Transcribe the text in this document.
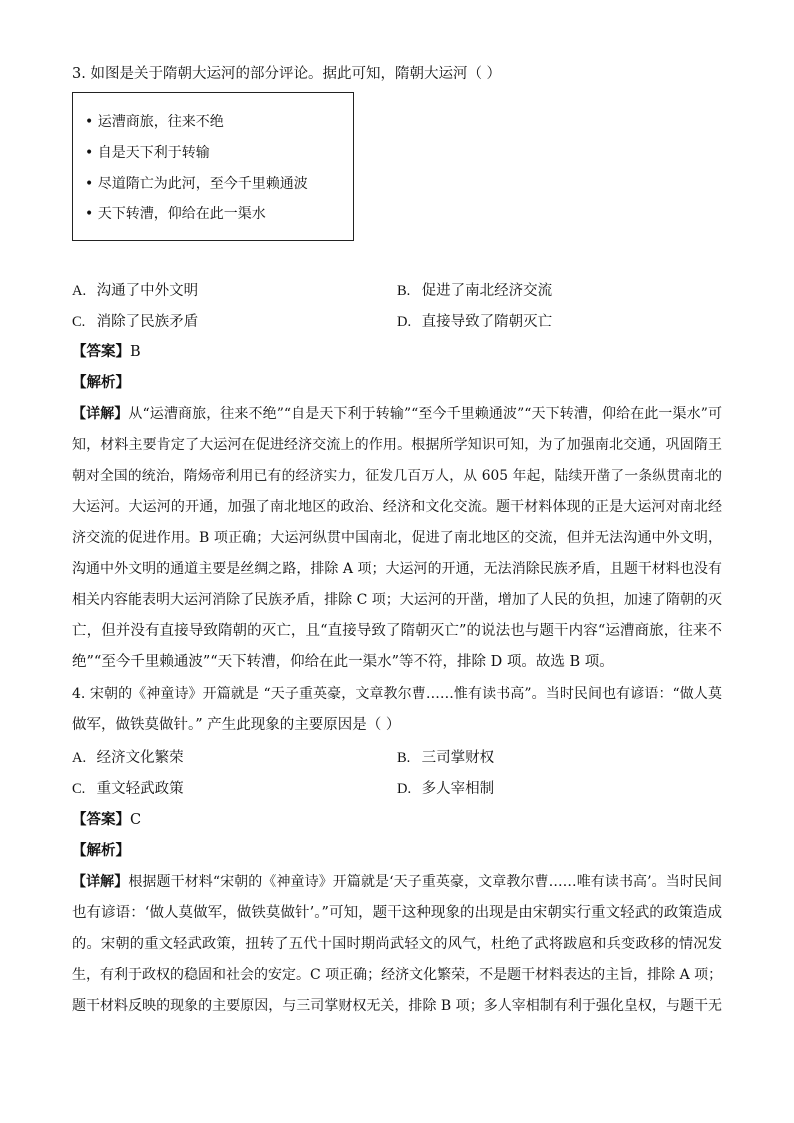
3. 如图是关于隋朝大运河的部分评论。据此可知，隋朝大运河（ ）
• 运漕商旅，往来不绝
• 自是天下利于转输
• 尽道隋亡为此河，至今千里赖通波
• 天下转漕，仰给在此一渠水
A. 沟通了中外文明	B. 促进了南北经济交流
C. 消除了民族矛盾	D. 直接导致了隋朝灭亡
【答案】B
【解析】
【详解】从“运漕商旅，往来不绝”“自是天下利于转输”“至今千里赖通波”“天下转漕，仰给在此一渠水”可
知，材料主要肯定了大运河在促进经济交流上的作用。根据所学知识可知，为了加强南北交通，巩固隋王
朝对全国的统治，隋炀帝利用已有的经济实力，征发几百万人，从 605 年起，陆续开凿了一条纵贯南北的
大运河。大运河的开通，加强了南北地区的政治、经济和文化交流。题干材料体现的正是大运河对南北经
济交流的促进作用。B 项正确；大运河纵贯中国南北，促进了南北地区的交流，但并无法沟通中外文明，
沟通中外文明的通道主要是丝绸之路，排除 A 项；大运河的开通，无法消除民族矛盾，且题干材料也没有
相关内容能表明大运河消除了民族矛盾，排除 C 项；大运河的开凿，增加了人民的负担，加速了隋朝的灭
亡，但并没有直接导致隋朝的灭亡，且“直接导致了隋朝灭亡”的说法也与题干内容“运漕商旅，往来不
绝”“至今千里赖通波”“天下转漕，仰给在此一渠水”等不符，排除 D 项。故选 B 项。
4. 宋朝的《神童诗》开篇就是 “天子重英豪，文章教尔曹……惟有读书高”。当时民间也有谚语：“做人莫
做军，做铁莫做针。” 产生此现象的主要原因是（ ）
A. 经济文化繁荣	B. 三司掌财权
C. 重文轻武政策	D. 多人宰相制
【答案】C
【解析】
【详解】根据题干材料“宋朝的《神童诗》开篇就是‘天子重英豪，文章教尔曹……唯有读书高’。当时民间
也有谚语：‘做人莫做军，做铁莫做针’。”可知，题干这种现象的出现是由宋朝实行重文轻武的政策造成
的。宋朝的重文轻武政策，扭转了五代十国时期尚武轻文的风气，杜绝了武将跋扈和兵变政移的情况发
生，有利于政权的稳固和社会的安定。C 项正确；经济文化繁荣，不是题干材料表达的主旨，排除 A 项；
题干材料反映的现象的主要原因，与三司掌财权无关，排除 B 项；多人宰相制有利于强化皇权，与题干无
